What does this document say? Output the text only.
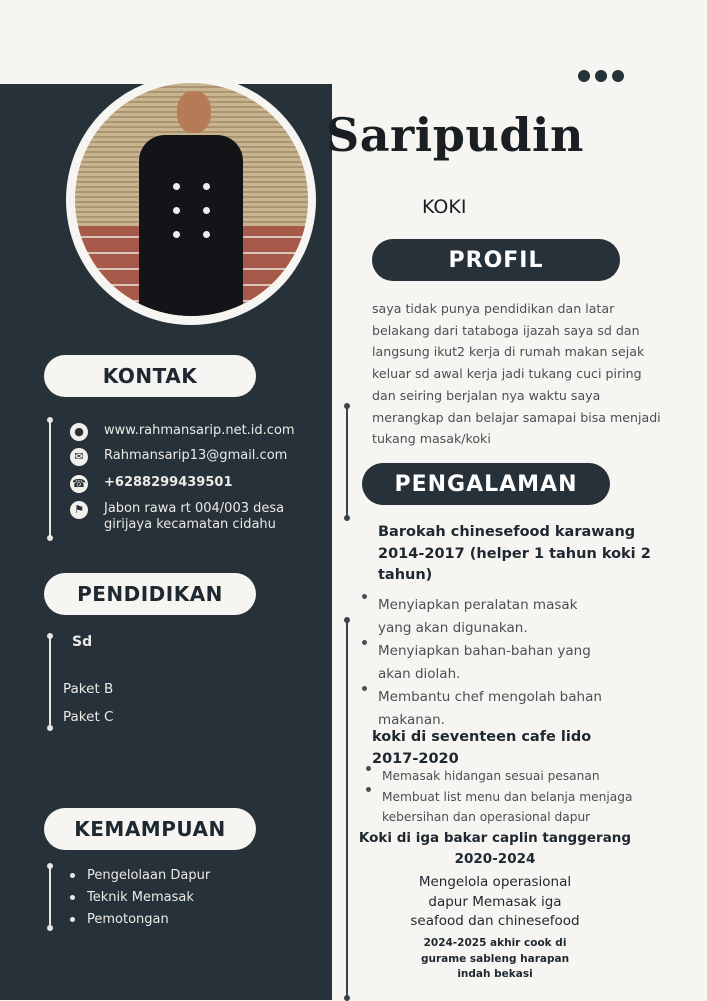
Saripudin
KOKI
PROFIL
saya tidak punya pendidikan dan latar belakang dari tataboga ijazah saya sd dan langsung ikut2 kerja di rumah makan sejak keluar sd awal kerja jadi tukang cuci piring dan seiring berjalan nya waktu saya merangkap dan belajar samapai bisa menjadi tukang masak/koki
PENGALAMAN
Barokah chinesefood karawang
2014-2017 (helper 1 tahun koki 2
tahun)
Menyiapkan peralatan masak
yang akan digunakan.
Menyiapkan bahan-bahan yang
akan diolah.
Membantu chef mengolah bahan
makanan.
koki di seventeen cafe lido
2017-2020
Memasak hidangan sesuai pesanan
Membuat list menu dan belanja menjaga
kebersihan dan operasional dapur
Koki di iga bakar caplin tanggerang
2020-2024
Mengelola operasional
dapur Memasak iga
seafood dan chinesefood
2024-2025 akhir cook di
gurame sableng harapan
indah bekasi
KONTAK
●	www.rahmansarip.net.id.com
✉	Rahmansarip13@gmail.com
☎ +6288299439501
⚑	Jabon rawa rt 004/003 desa
girijaya kecamatan cidahu
PENDIDIKAN
Sd
Paket B
Paket C
KEMAMPUAN
Pengelolaan Dapur
Teknik Memasak
Pemotongan
